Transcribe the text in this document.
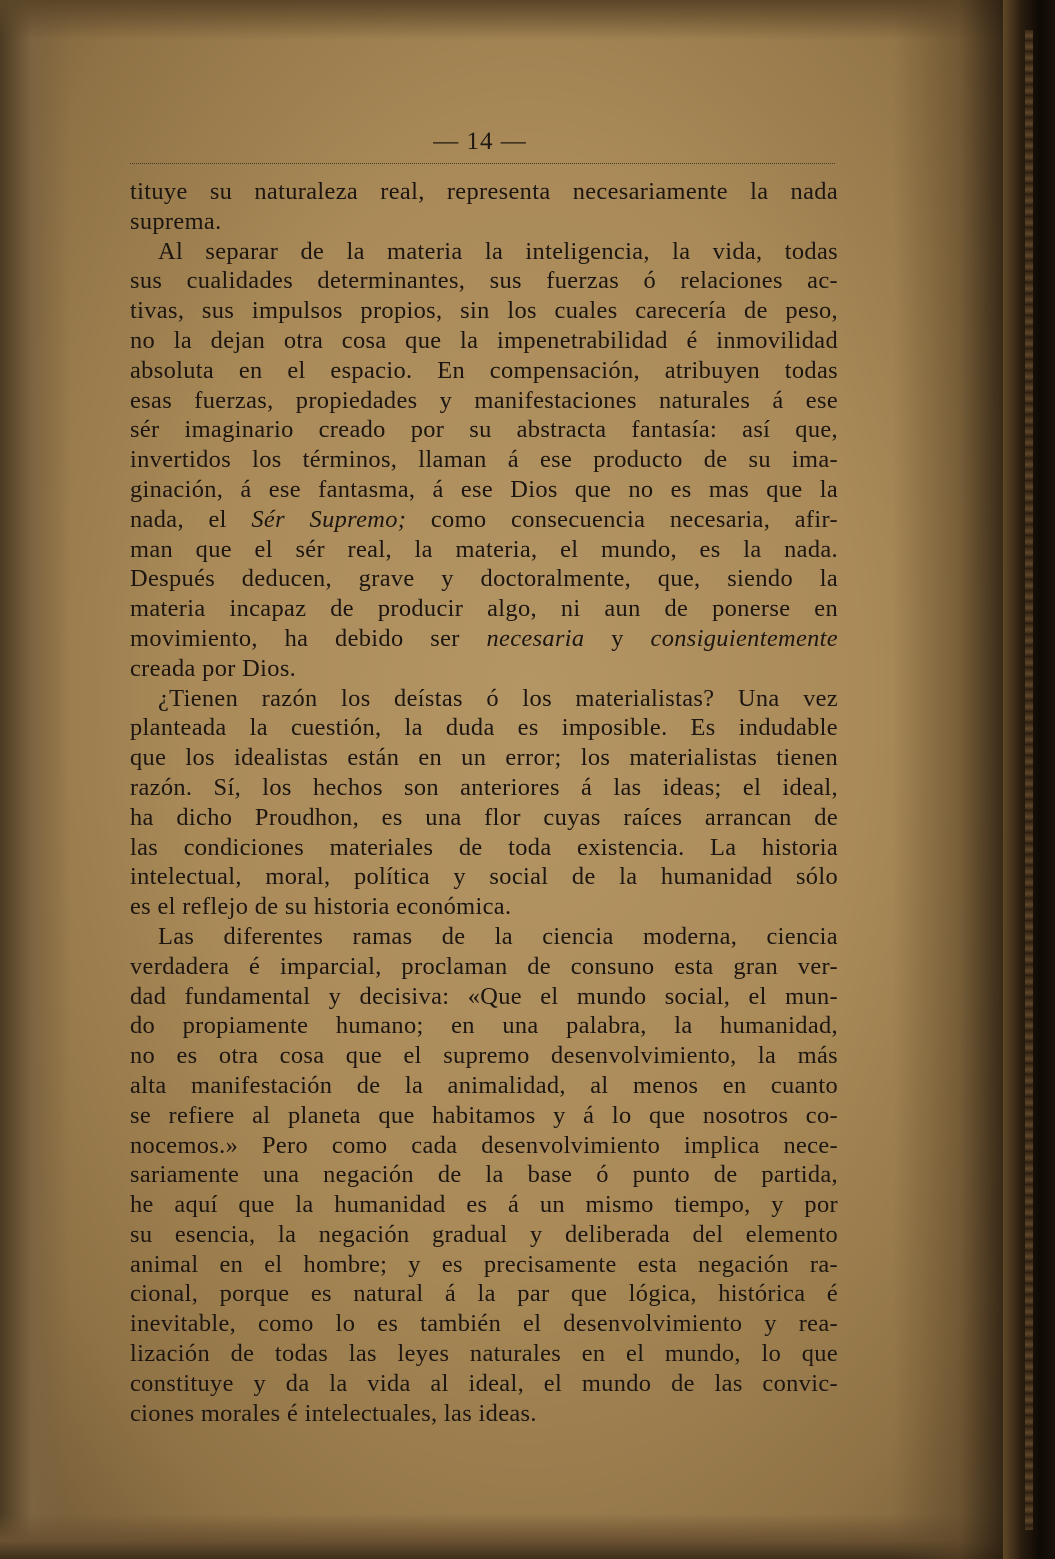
— 14 —
tituye su naturaleza real, representa necesariamente la nada
suprema.
Al separar de la materia la inteligencia, la vida, todas
sus cualidades determinantes, sus fuerzas ó relaciones ac-
tivas, sus impulsos propios, sin los cuales carecería de peso,
no la dejan otra cosa que la impenetrabilidad é inmovilidad
absoluta en el espacio. En compensación, atribuyen todas
esas fuerzas, propiedades y manifestaciones naturales á ese
sér imaginario creado por su abstracta fantasía: así que,
invertidos los términos, llaman á ese producto de su ima-
ginación, á ese fantasma, á ese Dios que no es mas que la
nada, el Sér Supremo; como consecuencia necesaria, afir-
man que el sér real, la materia, el mundo, es la nada.
Después deducen, grave y doctoralmente, que, siendo la
materia incapaz de producir algo, ni aun de ponerse en
movimiento, ha debido ser necesaria y consiguientemente
creada por Dios.
¿Tienen razón los deístas ó los materialistas? Una vez
planteada la cuestión, la duda es imposible. Es indudable
que los idealistas están en un error; los materialistas tienen
razón. Sí, los hechos son anteriores á las ideas; el ideal,
ha dicho Proudhon, es una flor cuyas raíces arrancan de
las condiciones materiales de toda existencia. La historia
intelectual, moral, política y social de la humanidad sólo
es el reflejo de su historia económica.
Las diferentes ramas de la ciencia moderna, ciencia
verdadera é imparcial, proclaman de consuno esta gran ver-
dad fundamental y decisiva: «Que el mundo social, el mun-
do propiamente humano; en una palabra, la humanidad,
no es otra cosa que el supremo desenvolvimiento, la más
alta manifestación de la animalidad, al menos en cuanto
se refiere al planeta que habitamos y á lo que nosotros co-
nocemos.» Pero como cada desenvolvimiento implica nece-
sariamente una negación de la base ó punto de partida,
he aquí que la humanidad es á un mismo tiempo, y por
su esencia, la negación gradual y deliberada del elemento
animal en el hombre; y es precisamente esta negación ra-
cional, porque es natural á la par que lógica, histórica é
inevitable, como lo es también el desenvolvimiento y rea-
lización de todas las leyes naturales en el mundo, lo que
constituye y da la vida al ideal, el mundo de las convic-
ciones morales é intelectuales, las ideas.
